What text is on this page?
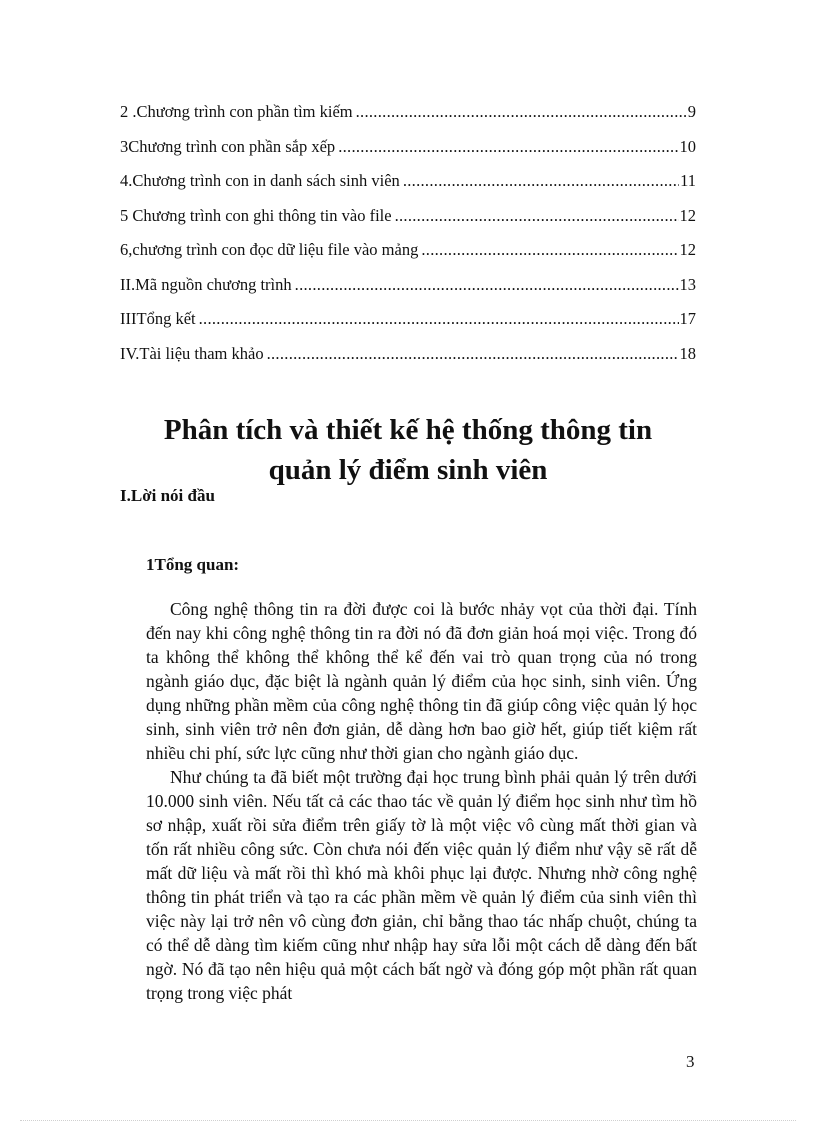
2 .Chương trình con phần tìm kiếm .....	9
3Chương trình con phần sắp xếp .....	10
4.Chương trình con in danh sách sinh viên .....	11
5 Chương trình con ghi thông tin vào file .....	12
6,chương trình con đọc dữ liệu file vào mảng .....	12
II.Mã nguồn chương trình .....	13
IIITổng kết .....	17
IV.Tài liệu tham khảo .....	18
Phân tích và thiết kế hệ thống thông tin
quản lý điểm sinh viên
I.Lời nói đầu
1Tổng quan:

Công nghệ thông tin ra đời được coi là bước nhảy vọt của thời đại. Tính đến nay khi công nghệ thông tin ra đời nó đã đơn giản hoá mọi việc. Trong đó ta không thể không thể không thể kể đến vai trò quan trọng của nó trong ngành giáo dục, đặc biệt là ngành quản lý điểm của học sinh, sinh viên. Ứng dụng những phần mềm của công nghệ thông tin đã giúp công việc quản lý học sinh, sinh viên trở nên đơn giản, dễ dàng hơn bao giờ hết, giúp tiết kiệm rất nhiều chi phí, sức lực cũng như thời gian cho ngành giáo dục.

Như chúng ta đã biết một trường đại học trung bình phải quản lý trên dưới 10.000 sinh viên. Nếu tất cả các thao tác về quản lý điểm học sinh như tìm hồ sơ nhập, xuất rồi sửa điểm trên giấy tờ là một việc vô cùng mất thời gian và tốn rất nhiều công sức. Còn chưa nói đến việc quản lý điểm như vậy sẽ rất dễ mất dữ liệu và mất rồi thì khó mà khôi phục lại được. Nhưng nhờ công nghệ thông tin phát triển và tạo ra các phần mềm về quản lý điểm của sinh viên thì việc này lại trở nên vô cùng đơn giản, chỉ bằng thao tác nhấp chuột, chúng ta có thể dễ dàng tìm kiếm cũng như nhập hay sửa lỗi một cách dễ dàng đến bất ngờ. Nó đã tạo nên hiệu quả một cách bất ngờ và đóng góp một phần rất quan trọng trong việc phát

3
